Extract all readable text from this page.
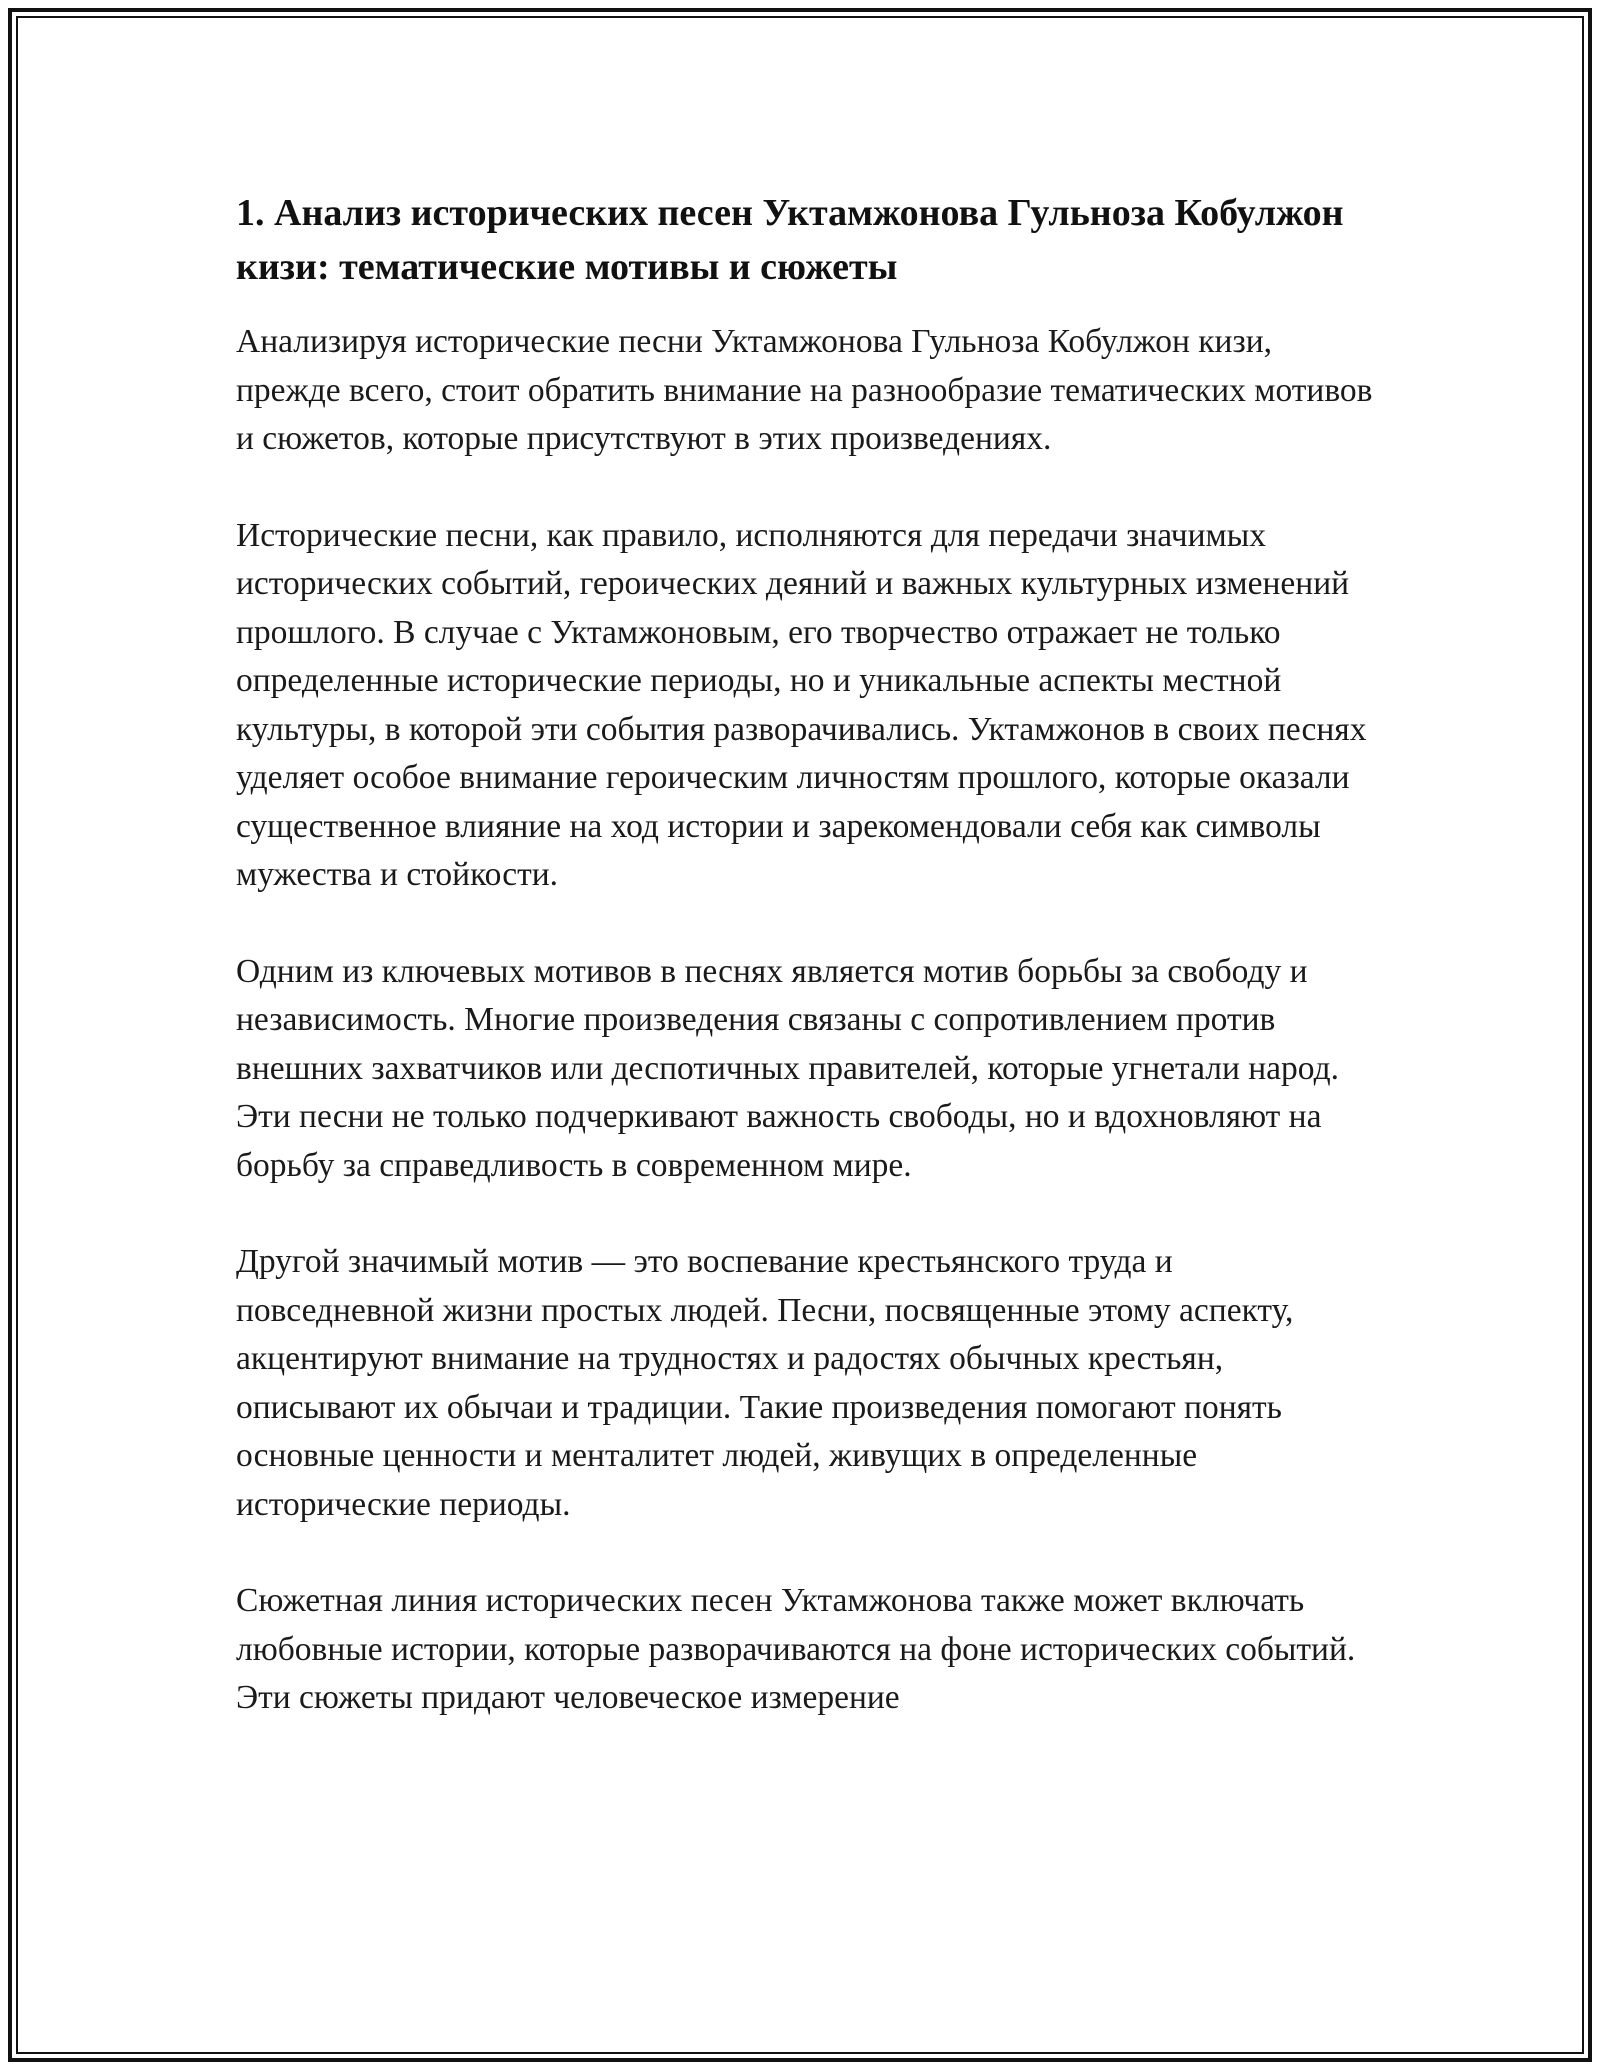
1. Анализ исторических песен Уктамжонова Гульноза Кобулжон кизи: тематические мотивы и сюжеты

Анализируя исторические песни Уктамжонова Гульноза Кобулжон кизи, прежде всего, стоит обратить внимание на разнообразие тематических мотивов и сюжетов, которые присутствуют в этих произведениях.

Исторические песни, как правило, исполняются для передачи значимых исторических событий, героических деяний и важных культурных изменений прошлого. В случае с Уктамжоновым, его творчество отражает не только определенные исторические периоды, но и уникальные аспекты местной культуры, в которой эти события разворачивались. Уктамжонов в своих песнях уделяет особое внимание героическим личностям прошлого, которые оказали существенное влияние на ход истории и зарекомендовали себя как символы мужества и стойкости.

Одним из ключевых мотивов в песнях является мотив борьбы за свободу и независимость. Многие произведения связаны с сопротивлением против внешних захватчиков или деспотичных правителей, которые угнетали народ. Эти песни не только подчеркивают важность свободы, но и вдохновляют на борьбу за справедливость в современном мире.

Другой значимый мотив — это воспевание крестьянского труда и повседневной жизни простых людей. Песни, посвященные этому аспекту, акцентируют внимание на трудностях и радостях обычных крестьян, описывают их обычаи и традиции. Такие произведения помогают понять основные ценности и менталитет людей, живущих в определенные исторические периоды.

Сюжетная линия исторических песен Уктамжонова также может включать любовные истории, которые разворачиваются на фоне исторических событий. Эти сюжеты придают человеческое измерение
